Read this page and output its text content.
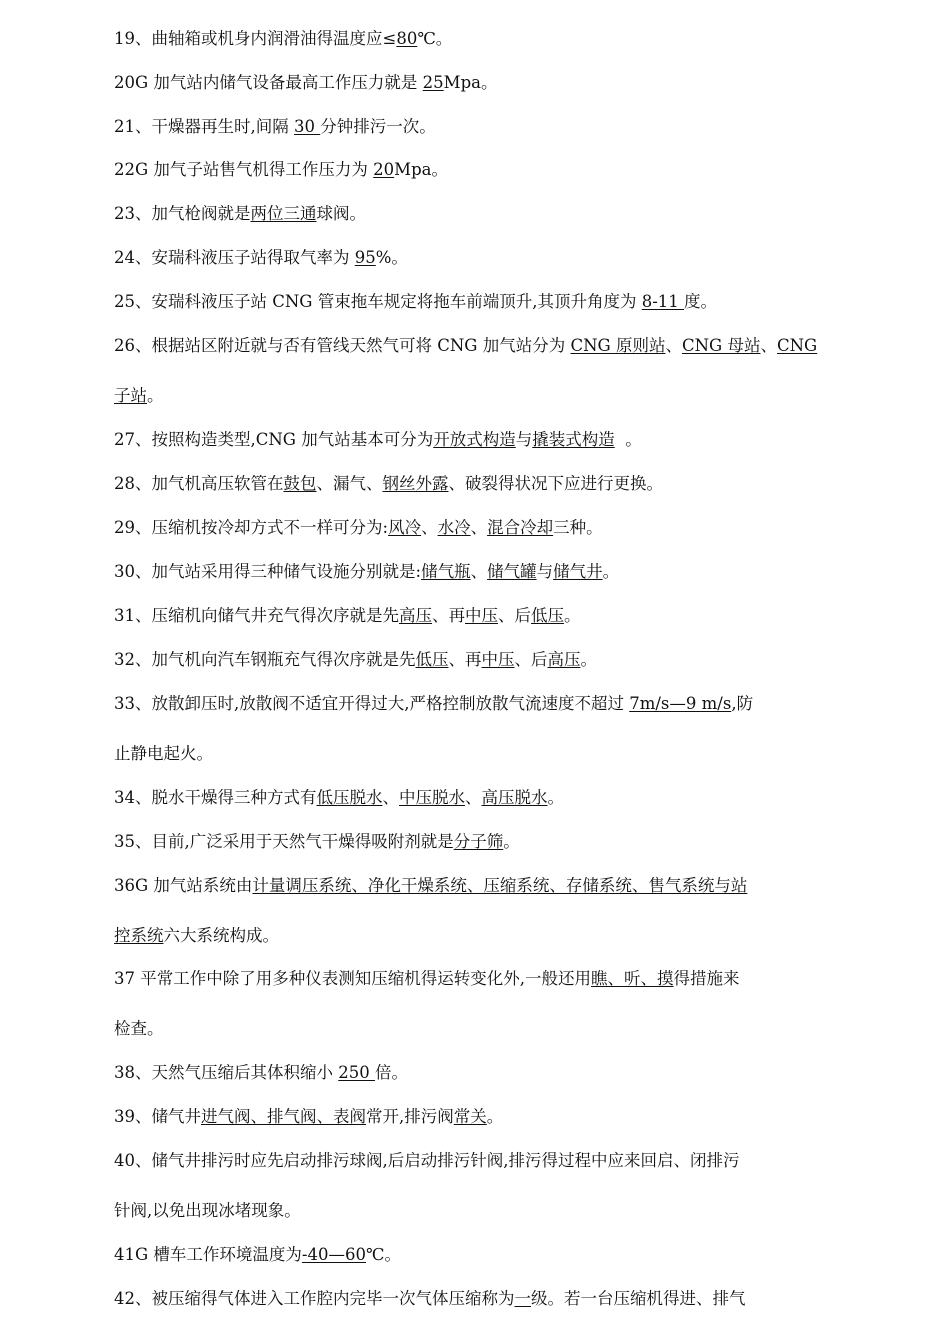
19、曲轴箱或机身内润滑油得温度应≤80℃。

20G 加气站内储气设备最高工作压力就是 25Mpa。

21、干燥器再生时,间隔 30 分钟排污一次。

22G 加气子站售气机得工作压力为 20Mpa。

23、加气枪阀就是两位三通球阀。

24、安瑞科液压子站得取气率为 95%。

25、安瑞科液压子站 CNG 管束拖车规定将拖车前端顶升,其顶升角度为 8-11 度。

26、根据站区附近就与否有管线天然气可将 CNG 加气站分为 CNG 原则站、CNG 母站、CNG

子站。

27、按照构造类型,CNG 加气站基本可分为开放式构造与撬装式构造  。

28、加气机高压软管在鼓包、漏气、钢丝外露、破裂得状况下应进行更换。

29、压缩机按冷却方式不一样可分为:风冷、水冷、混合冷却三种。

30、加气站采用得三种储气设施分别就是:储气瓶、储气罐与储气井。

31、压缩机向储气井充气得次序就是先高压、再中压、后低压。

32、加气机向汽车钢瓶充气得次序就是先低压、再中压、后高压。

33、放散卸压时,放散阀不适宜开得过大,严格控制放散气流速度不超过 7m/s—9 m/s,防

止静电起火。

34、脱水干燥得三种方式有低压脱水、中压脱水、高压脱水。

35、目前,广泛采用于天然气干燥得吸附剂就是分子筛。

36G 加气站系统由计量调压系统、净化干燥系统、压缩系统、存储系统、售气系统与站

控系统六大系统构成。

37 平常工作中除了用多种仪表测知压缩机得运转变化外,一般还用瞧、听、摸得措施来

检查。

38、天然气压缩后其体积缩小 250 倍。

39、储气井进气阀、排气阀、表阀常开,排污阀常关。

40、储气井排污时应先启动排污球阀,后启动排污针阀,排污得过程中应来回启、闭排污

针阀,以免出现冰堵现象。

41G 槽车工作环境温度为-40—60℃。

42、被压缩得气体进入工作腔内完毕一次气体压缩称为一级。若一台压缩机得进、排气
